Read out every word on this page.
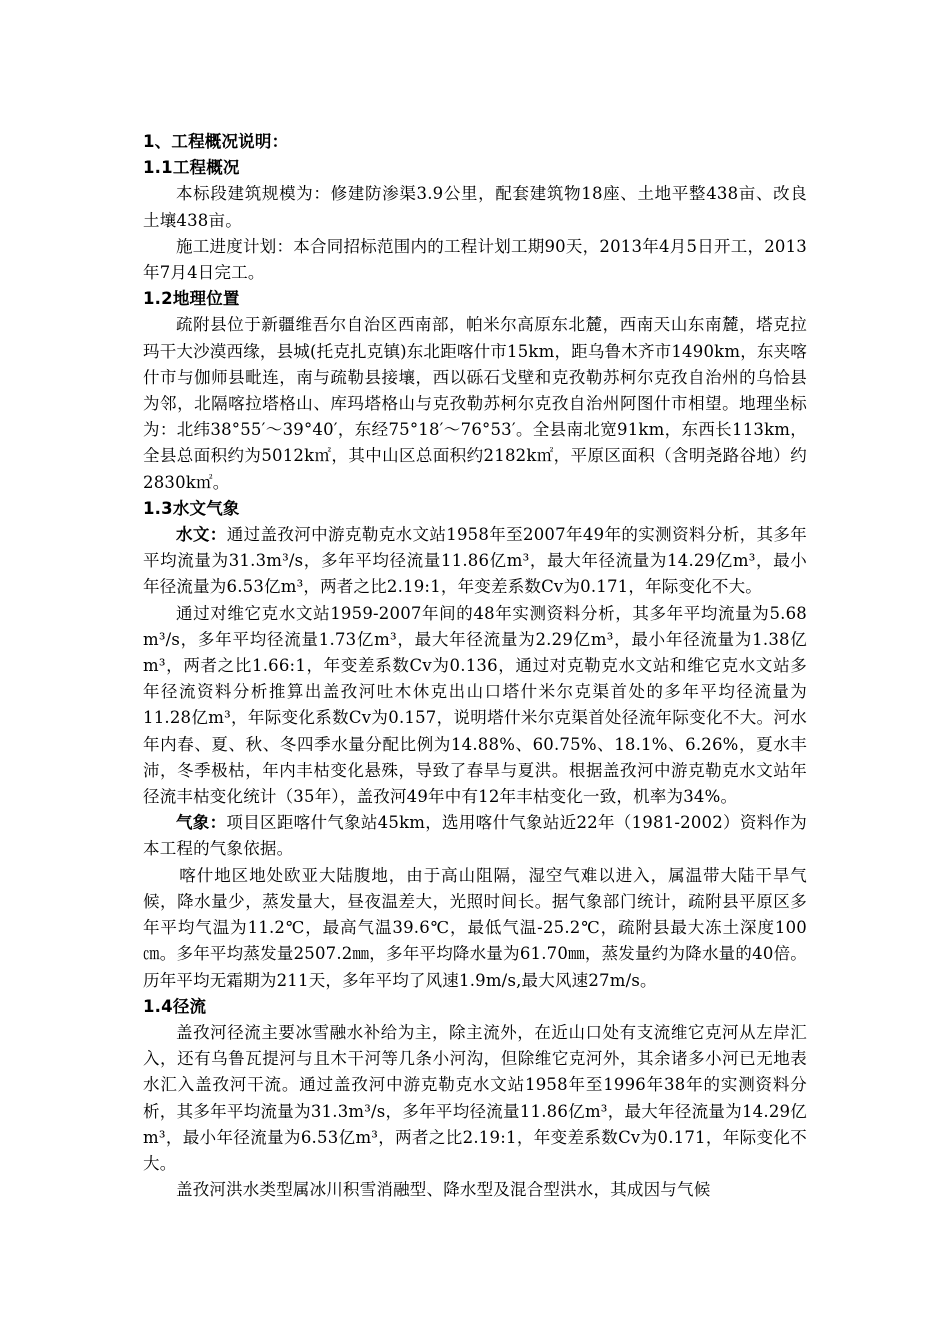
1、工程概况说明：
1.1工程概况

本标段建筑规模为：修建防渗渠3.9公里，配套建筑物18座、土地平整438亩、改良土壤438亩。

施工进度计划：本合同招标范围内的工程计划工期90天，2013年4月5日开工，2013年7月4日完工。

1.2地理位置

疏附县位于新疆维吾尔自治区西南部，帕米尔高原东北麓，西南天山东南麓，塔克拉玛干大沙漠西缘，县城(托克扎克镇)东北距喀什市15km，距乌鲁木齐市1490km，东夹喀什市与伽师县毗连，南与疏勒县接壤，西以砾石戈壁和克孜勒苏柯尔克孜自治州的乌恰县为邻，北隔喀拉塔格山、库玛塔格山与克孜勒苏柯尔克孜自治州阿图什市相望。地理坐标为：北纬38°55′～39°40′，东经75°18′～76°53′。全县南北宽91km，东西长113km，全县总面积约为5012k㎡，其中山区总面积约2182k㎡，平原区面积（含明尧路谷地）约2830k㎡。

1.3水文气象

水文：通过盖孜河中游克勒克水文站1958年至2007年49年的实测资料分析，其多年平均流量为31.3m³/s，多年平均径流量11.86亿m³，最大年径流量为14.29亿m³，最小年径流量为6.53亿m³，两者之比2.19:1，年变差系数Cv为0.171，年际变化不大。

通过对维它克水文站1959-2007年间的48年实测资料分析，其多年平均流量为5.68 m³/s，多年平均径流量1.73亿m³，最大年径流量为2.29亿m³，最小年径流量为1.38亿m³，两者之比1.66:1，年变差系数Cv为0.136，通过对克勒克水文站和维它克水文站多年径流资料分析推算出盖孜河吐木休克出山口塔什米尔克渠首处的多年平均径流量为11.28亿m³，年际变化系数Cv为0.157，说明塔什米尔克渠首处径流年际变化不大。河水年内春、夏、秋、冬四季水量分配比例为14.88%、60.75%、18.1%、6.26%，夏水丰沛，冬季极枯，年内丰枯变化悬殊，导致了春旱与夏洪。根据盖孜河中游克勒克水文站年径流丰枯变化统计（35年），盖孜河49年中有12年丰枯变化一致，机率为34%。

气象：项目区距喀什气象站45km，选用喀什气象站近22年（1981-2002）资料作为本工程的气象依据。

喀什地区地处欧亚大陆腹地，由于高山阻隔，湿空气难以进入，属温带大陆干旱气候，降水量少，蒸发量大，昼夜温差大，光照时间长。据气象部门统计，疏附县平原区多年平均气温为11.2℃，最高气温39.6℃，最低气温-25.2℃，疏附县最大冻土深度100㎝。多年平均蒸发量2507.2㎜，多年平均降水量为61.70㎜，蒸发量约为降水量的40倍。历年平均无霜期为211天，多年平均了风速1.9m/s,最大风速27m/s。

1.4径流

盖孜河径流主要冰雪融水补给为主，除主流外，在近山口处有支流维它克河从左岸汇入，还有乌鲁瓦提河与且木干河等几条小河沟，但除维它克河外，其余诸多小河已无地表水汇入盖孜河干流。通过盖孜河中游克勒克水文站1958年至1996年38年的实测资料分析，其多年平均流量为31.3m³/s，多年平均径流量11.86亿m³，最大年径流量为14.29亿m³，最小年径流量为6.53亿m³，两者之比2.19:1，年变差系数Cv为0.171，年际变化不大。

盖孜河洪水类型属冰川积雪消融型、降水型及混合型洪水，其成因与气候
